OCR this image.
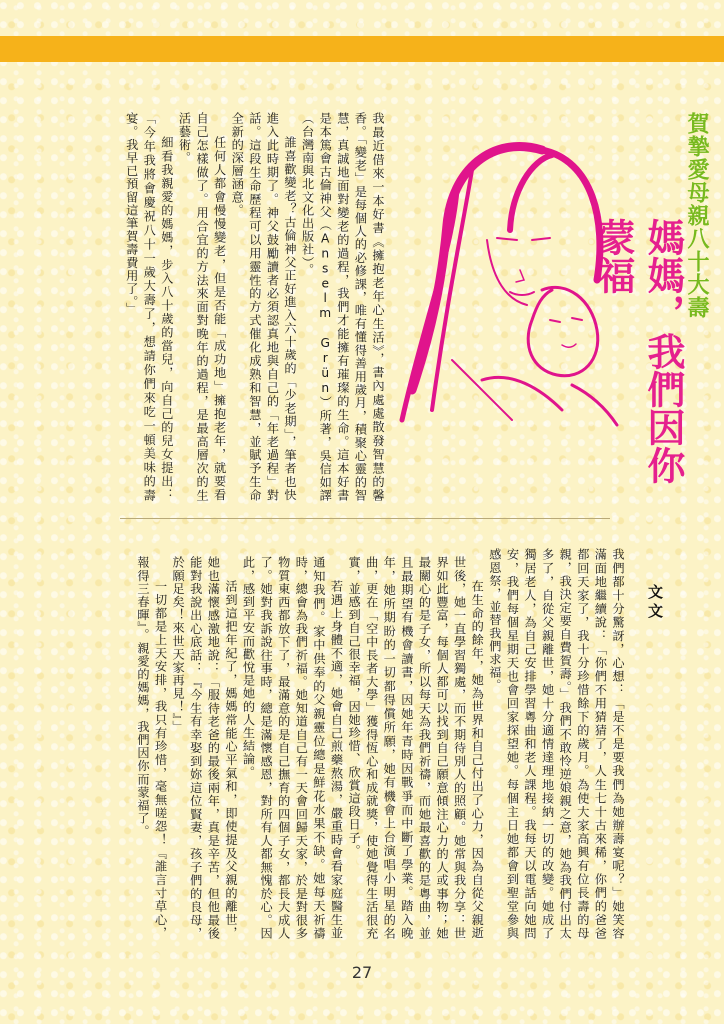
賀摯愛母親八十大壽
媽媽，我們因你蒙福

我最近借來一本好書《擁抱老年心生活》，書內處處散發智慧的馨香。「變老」是每個人的必修課，唯有懂得善用歲月，積聚心靈的智慧，真誠地面對變老的過程，我們才能擁有璀璨的生命。這本好書是本篤會古倫神父（Anselm Grün）所著，吳信如譯（台灣南與北文化出版社）。

誰喜歡變老？古倫神父正好進入六十歲的「少老期」，筆者也快進入此時期了。神父鼓勵讀者必須認真地與自己的「年老過程」對話。這段生命歷程可以用靈性的方式催化成熟和智慧，並賦予生命全新的深層涵意。

任何人都會慢慢變老，但是否能「成功地」擁抱老年，就要看自己怎樣做了。用合宜的方法來面對晚年的過程，是最高層次的生活藝術。

細看我親愛的媽媽，步入八十歲的當兒，向自己的兒女提出：「今年我將會慶祝八十一歲大壽了，想請你們來吃一頓美味的壽宴。我早已預留這筆賀壽費用了。」

文文

我們都十分驚訝，心想：「是不是要我們為她辦壽宴呢？」她笑容滿面地繼續說：「你們不用猜猜了，人生七十古來稀，你們的爸爸都回天家了，我十分珍惜餘下的歲月。為使大家高興有位長壽的母親，我決定要自費賀壽。」我們不敢怜逆娘親之意，她為我們付出太多了，自從父親離世，她十分適情達理地接納一切的改變。她成了獨居老人，為自己安排學習粵曲和老人課程。我每天以電話向她問安，我們每個星期天也會回家探望她。每個主日她都會到聖堂參與感恩祭，並替我們求福。

在生命的餘年，她為世界和自己付出了心力，因為自從父親逝世後，她一直學習獨處，而不期待別人的照顧。她常與我分享：世界如此豐富，每個人都可以找到自己願意傾注心力的人或事物；她最關心的是子女，所以每天為我們祈禱，而她最喜歡的是粵曲，並且最期望有機會讀書，因她年青時因戰爭而中斷了學業。踏入晚年，她所期盼的一切都得償所願，她有機會上台演唱小明星的名曲，更在「空中長者大學」獲得恆心和成就獎，使她覺得生活很充實，並感到自己很幸福，因她珍惜、欣賞這段日子。

若遇上身體不適，她會自己煎藥熬湯，嚴重時會看家庭醫生並通知我們。家中供奉的父親靈位總是鮮花水果不缺。她每天祈禱時，總會為我們祈福。她知道自己有一天會回歸天家，於是對很多物質東西都放下了，最滿意的是自己撫育的四個子女，都長大成人了。她對我訴說往事時，總是滿懷感恩，對所有人都無愧於心。因此，感到平安而歡悅是她的人生結論。

活到這把年紀了，媽媽常能心平氣和，即使提及父親的離世，她也滿懷感激地說：「服待老爸的最後兩年，真是辛苦，但他最後能對我說出心底話：『今生有幸娶到妳這位賢妻，孩子們的良母，於願足矣！來世天家再見！』」

一切都是上天安排，我只有珍惜，毫無嗟怨！『誰言寸草心，報得三春暉』。親愛的媽媽，我們因你而蒙福了。

27
